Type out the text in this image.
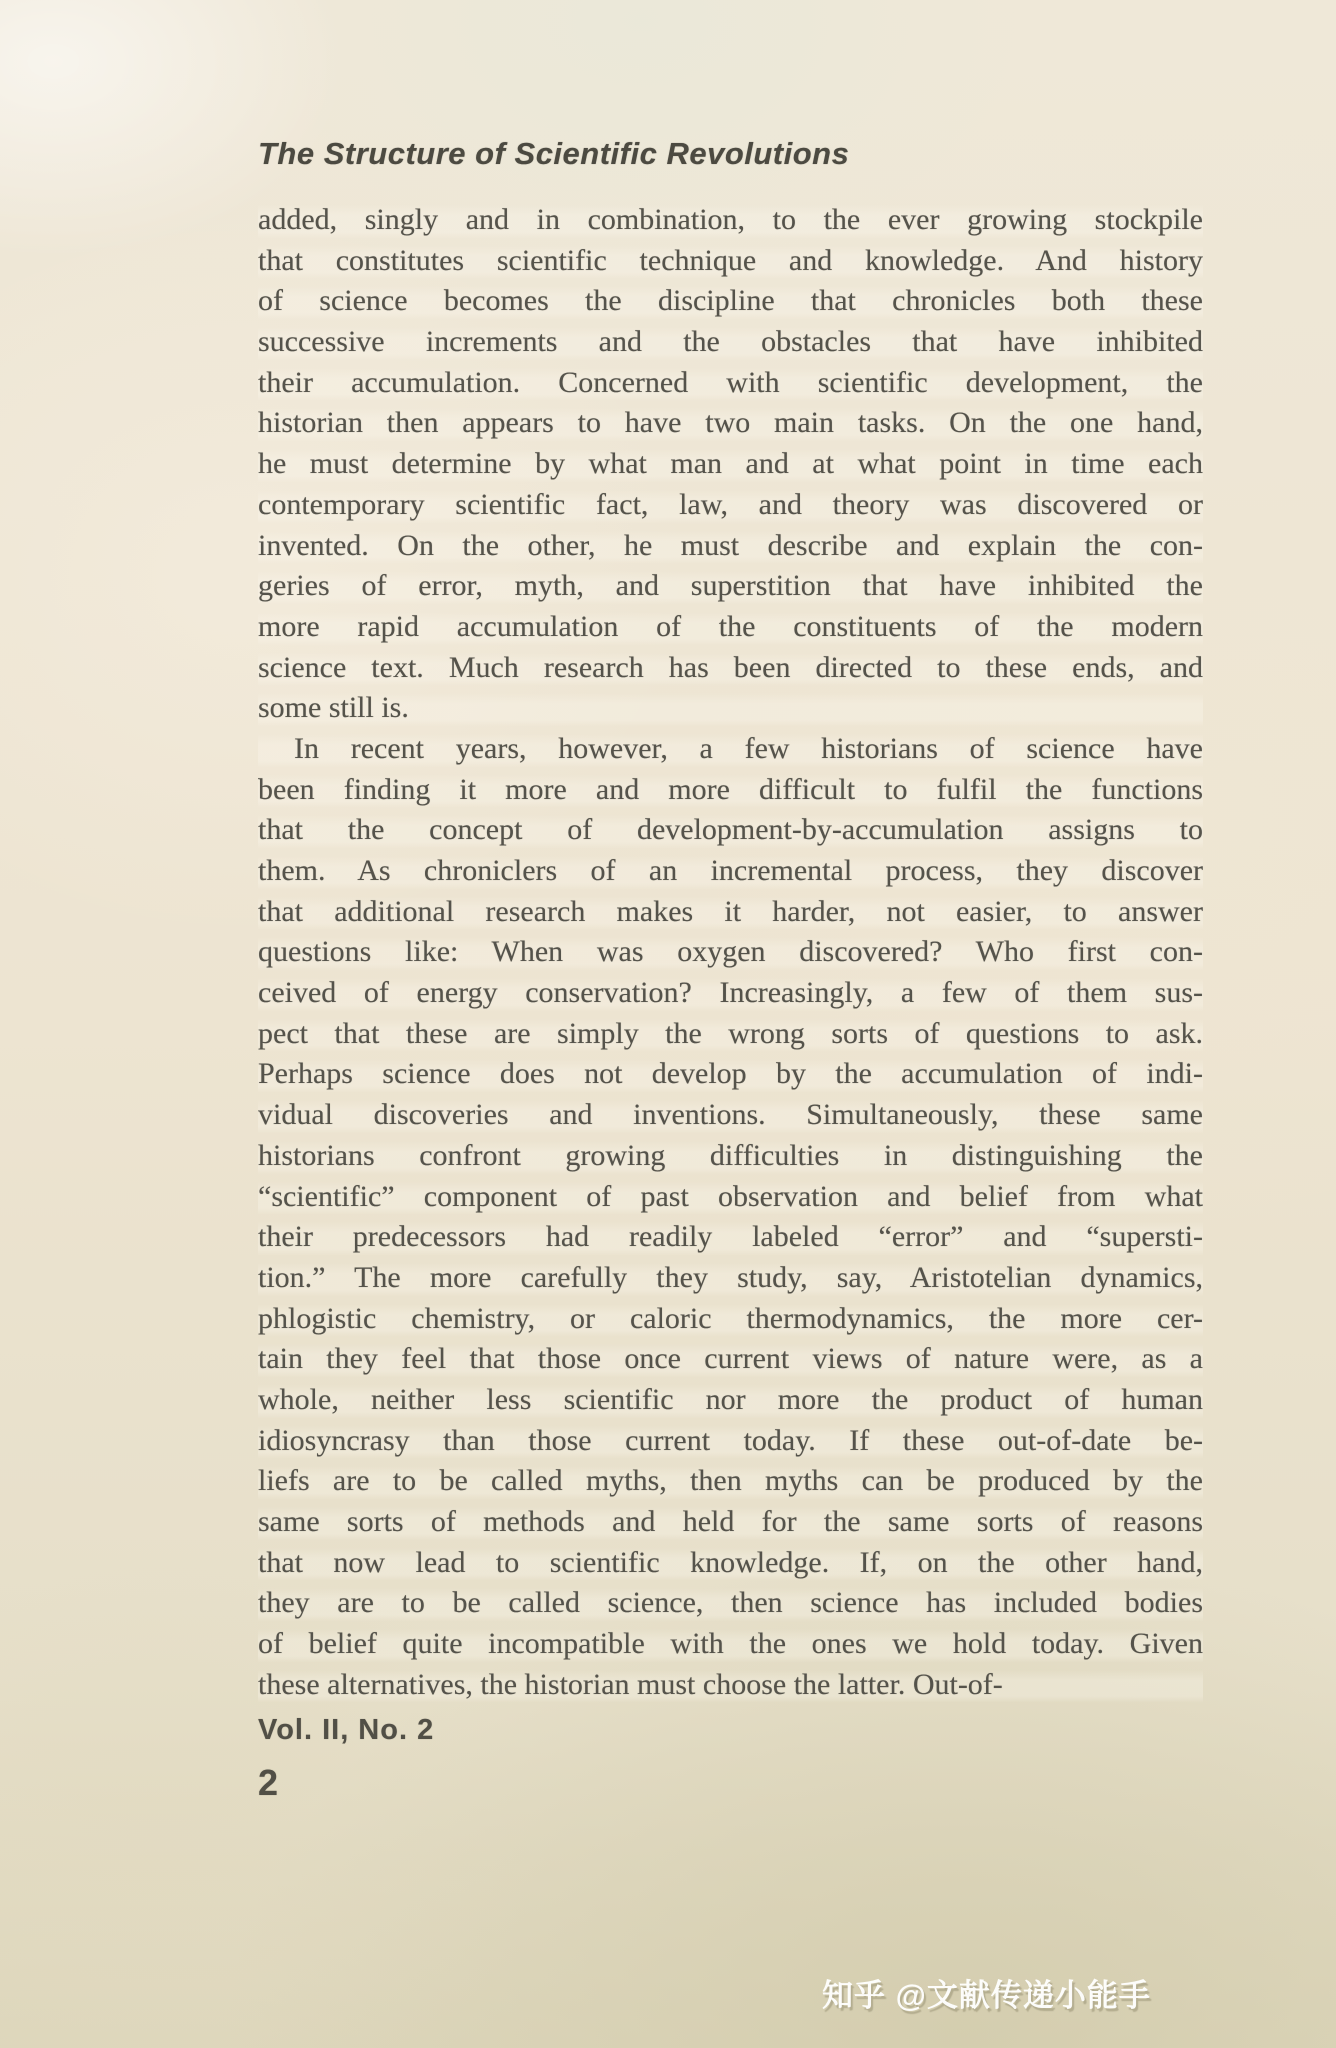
The Structure of Scientific Revolutions
added, singly and in combination, to the ever growing stockpile
that constitutes scientific technique and knowledge. And history
of science becomes the discipline that chronicles both these
successive increments and the obstacles that have inhibited
their accumulation. Concerned with scientific development, the
historian then appears to have two main tasks. On the one hand,
he must determine by what man and at what point in time each
contemporary scientific fact, law, and theory was discovered or
invented. On the other, he must describe and explain the con-
geries of error, myth, and superstition that have inhibited the
more rapid accumulation of the constituents of the modern
science text. Much research has been directed to these ends, and
some still is.
In recent years, however, a few historians of science have
been finding it more and more difficult to fulfil the functions
that the concept of development-by-accumulation assigns to
them. As chroniclers of an incremental process, they discover
that additional research makes it harder, not easier, to answer
questions like: When was oxygen discovered? Who first con-
ceived of energy conservation? Increasingly, a few of them sus-
pect that these are simply the wrong sorts of questions to ask.
Perhaps science does not develop by the accumulation of indi-
vidual discoveries and inventions. Simultaneously, these same
historians confront growing difficulties in distinguishing the
“scientific” component of past observation and belief from what
their predecessors had readily labeled “error” and “supersti-
tion.” The more carefully they study, say, Aristotelian dynamics,
phlogistic chemistry, or caloric thermodynamics, the more cer-
tain they feel that those once current views of nature were, as a
whole, neither less scientific nor more the product of human
idiosyncrasy than those current today. If these out-of-date be-
liefs are to be called myths, then myths can be produced by the
same sorts of methods and held for the same sorts of reasons
that now lead to scientific knowledge. If, on the other hand,
they are to be called science, then science has included bodies
of belief quite incompatible with the ones we hold today. Given
these alternatives, the historian must choose the latter. Out-of-
Vol. II, No. 2
2
知乎 @文献传递小能手
